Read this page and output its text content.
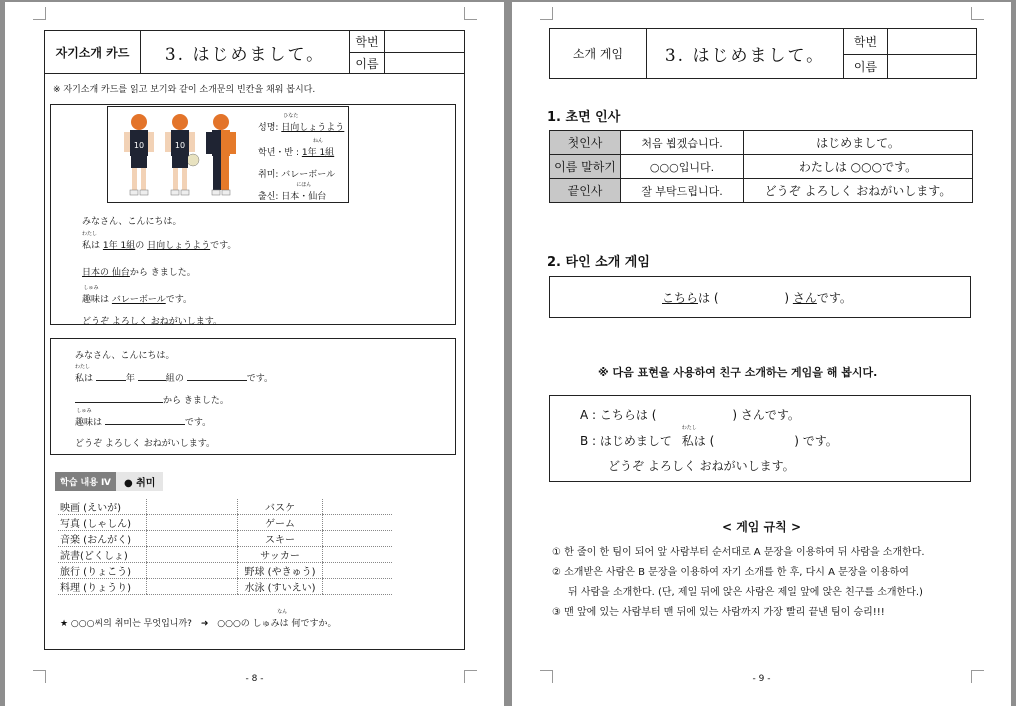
자기소개 카드	3. はじめまして。	학번	
		이름	
※ 자기소개 카드를 읽고 보기와 같이 소개문의 빈칸을 채워 봅시다.
10	10
성명:
ひなた
日向しょうよう
학년・반 :
ねん
1年 1組
취미: バレーボール
출신:
にほん
日本・仙台
みなさん、こんにちは。
わたし
私は 1年 1組の 日向しょうようです。
日本の 仙台から きました。
しゅみ
趣味は バレーボールです。
どうぞ よろしく おねがいします。
みなさん、こんにちは。
わたし
私は	年	組の	です。
から きました。
しゅみ
趣味は	です。
どうぞ よろしく おねがいします。
학습 내용 Ⅳ	● 취미
映画 (えいが)		バスケ	
写真 (しゃしん)		ゲーム	
音楽 (おんがく)		スキー	
読書(どくしょ)		サッカー	
旅行 (りょこう)		野球 (やきゅう)	
料理 (りょうり)		水泳 (すいえい)	
★ ○○○씨의 취미는 무엇입니까? ➜
なん
○○○の しゅみは 何ですか。
- 8 -
소개 게임	3. はじめまして。	학번	
		이름	
1. 초면 인사
첫인사	처음 뵙겠습니다.	はじめまして。
이름 말하기	○○○입니다.	わたしは ○○○です。
끝인사	잘 부탁드립니다.	どうぞ よろしく おねがいします。
2. 타인 소개 게임
こちらは (	) さんです。
※ 다음 표현을 사용하여 친구 소개하는 게임을 해 봅시다.
A : こちらは (	) さんです。
B : はじめまして
わたし
私は (	) です。
どうぞ よろしく おねがいします。
< 게임 규칙 >
① 한 줄이 한 팀이 되어 앞 사람부터 순서대로 A 문장을 이용하여 뒤 사람을 소개한다.
② 소개받은 사람은 B 문장을 이용하여 자기 소개를 한 후, 다시 A 문장을 이용하여
뒤 사람을 소개한다. (단, 제일 뒤에 앉은 사람은 제일 앞에 앉은 친구를 소개한다.)
③ 맨 앞에 있는 사람부터 맨 뒤에 있는 사람까지 가장 빨리 끝낸 팀이 승리!!!
- 9 -
